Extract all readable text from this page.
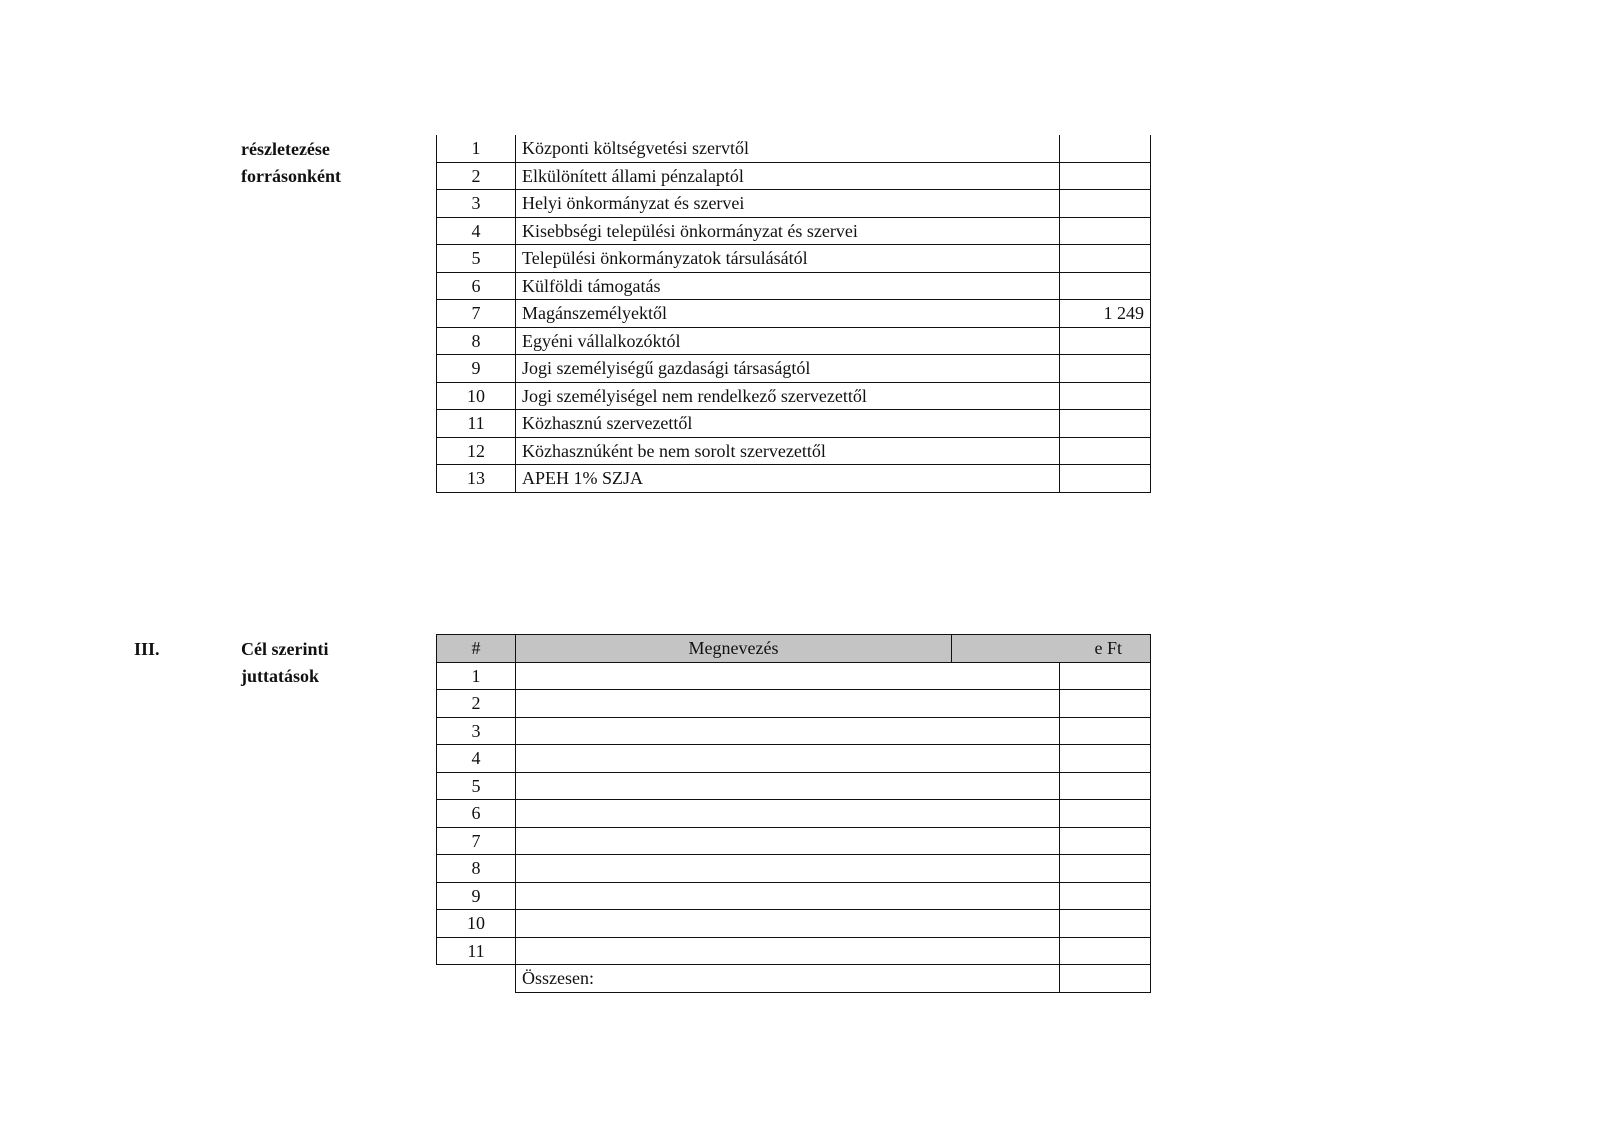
részletezése
forrásonként
1	Központi költségvetési szervtől	
2	Elkülönített állami pénzalaptól	
3	Helyi önkormányzat és szervei	
4	Kisebbségi települési önkormányzat és szervei	
5	Települési önkormányzatok társulásától	
6	Külföldi támogatás	
7	Magánszemélyektől	1 249
8	Egyéni vállalkozóktól	
9	Jogi személyiségű gazdasági társaságtól	
10	Jogi személyiségel nem rendelkező szervezettől	
11	Közhasznú szervezettől	
12	Közhasznúként be nem sorolt szervezettől	
13	APEH 1% SZJA	
III.	Cél szerinti
juttatások
#	Megnevezés	e Ft	
1			
2			
3			
4			
5			
6			
7			
8			
9			
10			
11			
	Összesen:		
